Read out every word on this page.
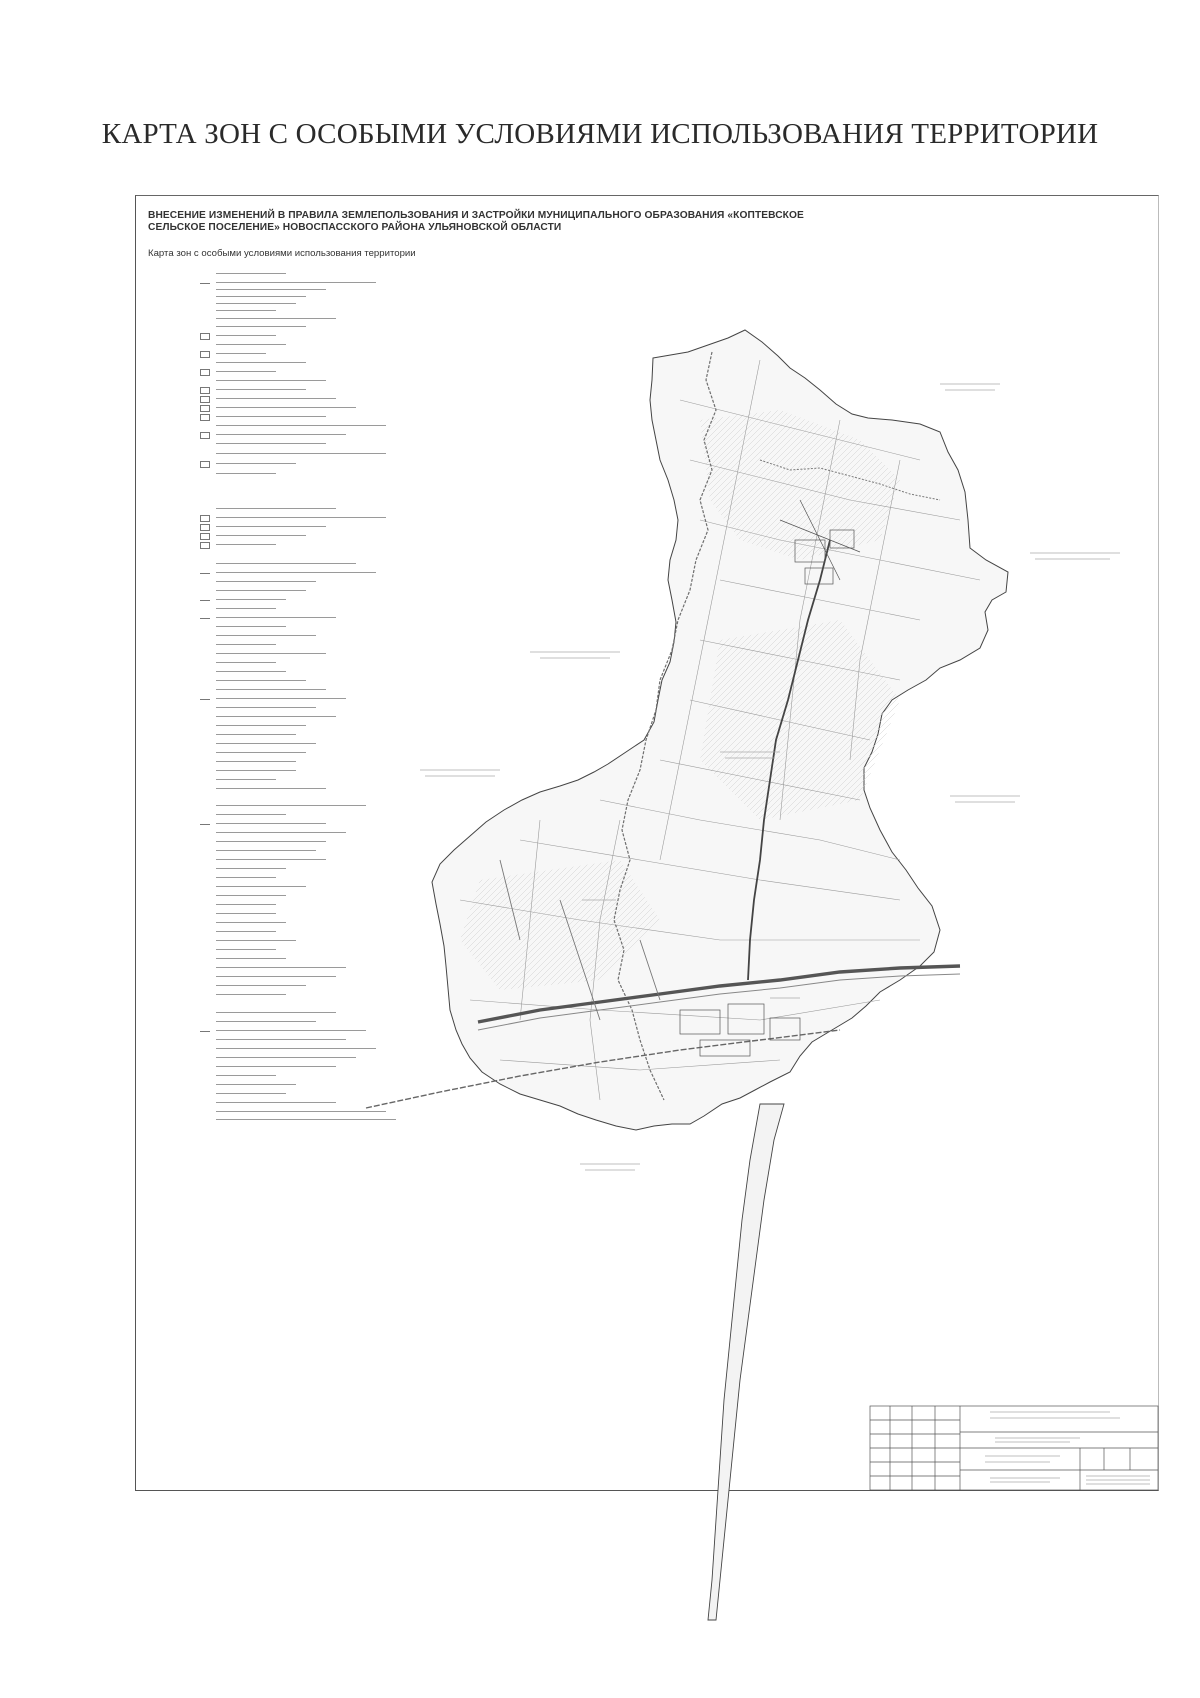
КАРТА ЗОН С ОСОБЫМИ УСЛОВИЯМИ ИСПОЛЬЗОВАНИЯ ТЕРРИТОРИИ
ВНЕСЕНИЕ ИЗМЕНЕНИЙ В ПРАВИЛА ЗЕМЛЕПОЛЬЗОВАНИЯ И ЗАСТРОЙКИ МУНИЦИПАЛЬНОГО ОБРАЗОВАНИЯ «КОПТЕВСКОЕ
СЕЛЬСКОЕ ПОСЕЛЕНИЕ» НОВОСПАССКОГО РАЙОНА УЛЬЯНОВСКОЙ ОБЛАСТИ
Карта зон с особыми условиями использования территории
